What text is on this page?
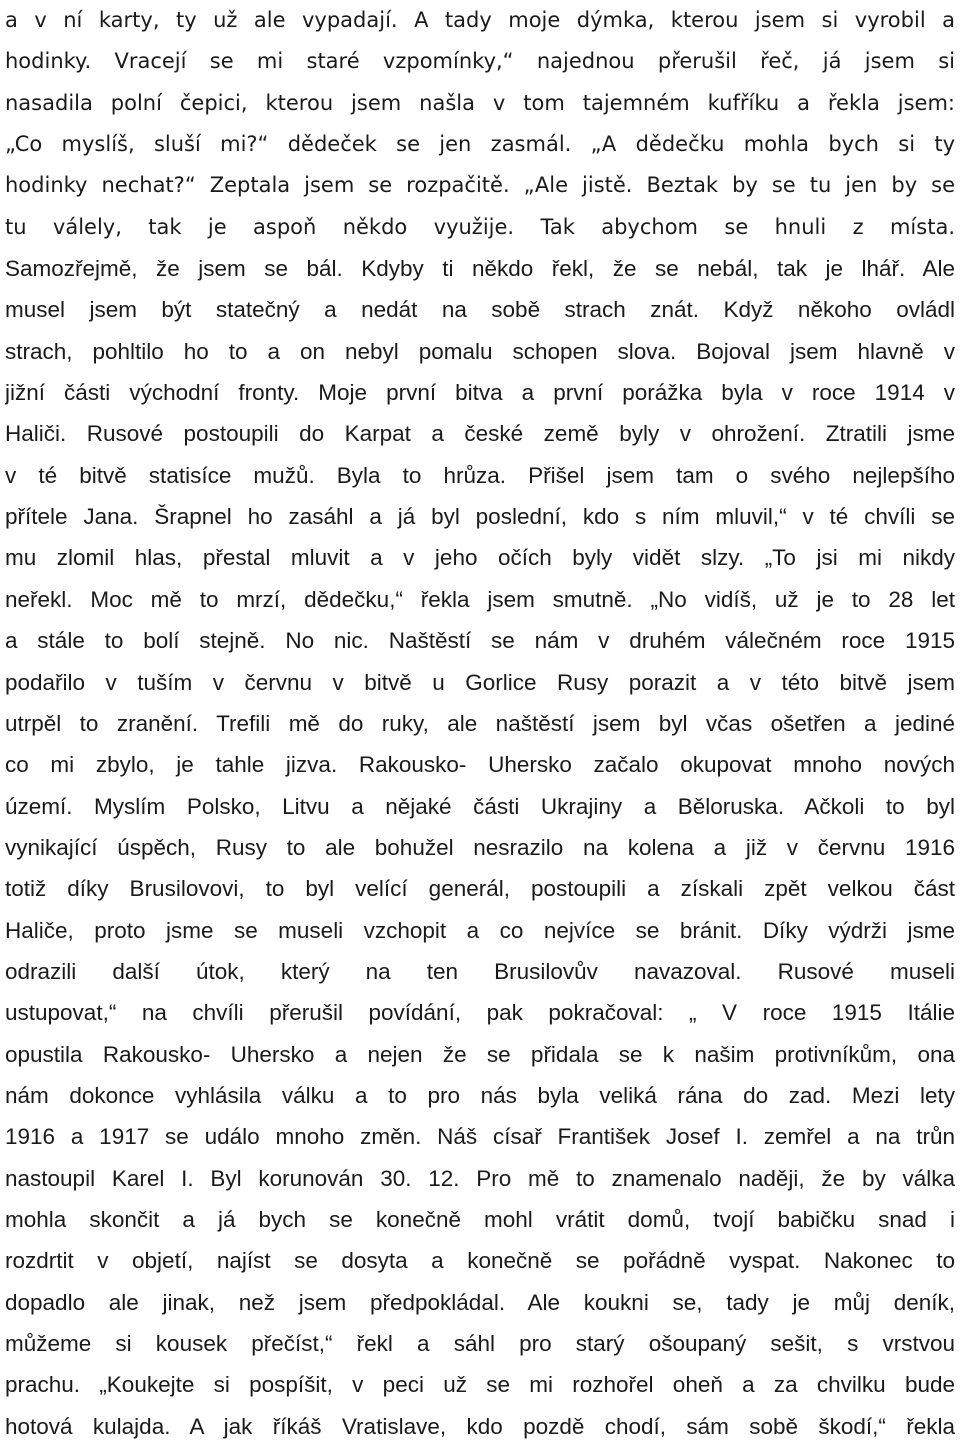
a v ní karty, ty už ale vypadají. A tady moje dýmka, kterou jsem si vyrobil a
hodinky. Vracejí se mi staré vzpomínky,“ najednou přerušil řeč, já jsem si
nasadila polní čepici, kterou jsem našla v tom tajemném kufříku a řekla jsem:
„Co myslíš, sluší mi?“ dědeček se jen zasmál. „A dědečku mohla bych si ty
hodinky nechat?“ Zeptala jsem se rozpačitě. „Ale jistě. Beztak by se tu jen by se
tu válely, tak je aspoň někdo využije. Tak abychom se hnuli z místa.
Samozřejmě, že jsem se bál. Kdyby ti někdo řekl, že se nebál, tak je lhář. Ale
musel jsem být statečný a nedát na sobě strach znát. Když někoho ovládl
strach, pohltilo ho to a on nebyl pomalu schopen slova. Bojoval jsem hlavně v
jižní části východní fronty. Moje první bitva a první porážka byla v roce 1914 v
Haliči. Rusové postoupili do Karpat a české země byly v ohrožení. Ztratili jsme
v té bitvě statisíce mužů. Byla to hrůza. Přišel jsem tam o svého nejlepšího
přítele Jana. Šrapnel ho zasáhl a já byl poslední, kdo s ním mluvil,“ v té chvíli se
mu zlomil hlas, přestal mluvit a v jeho očích byly vidět slzy. „To jsi mi nikdy
neřekl. Moc mě to mrzí, dědečku,“ řekla jsem smutně. „No vidíš, už je to 28 let
a stále to bolí stejně. No nic. Naštěstí se nám v druhém válečném roce 1915
podařilo v tuším v červnu v bitvě u Gorlice Rusy porazit a v této bitvě jsem
utrpěl to zranění. Trefili mě do ruky, ale naštěstí jsem byl včas ošetřen a jediné
co mi zbylo, je tahle jizva. Rakousko- Uhersko začalo okupovat mnoho nových
území. Myslím Polsko, Litvu a nějaké části Ukrajiny a Běloruska. Ačkoli to byl
vynikající úspěch, Rusy to ale bohužel nesrazilo na kolena a již v červnu 1916
totiž díky Brusilovovi, to byl velící generál, postoupili a získali zpět velkou část
Haliče, proto jsme se museli vzchopit a co nejvíce se bránit. Díky výdrži jsme
odrazili další útok, který na ten Brusilovův navazoval. Rusové museli
ustupovat,“ na chvíli přerušil povídání, pak pokračoval: „ V roce 1915 Itálie
opustila Rakousko- Uhersko a nejen že se přidala se k našim protivníkům, ona
nám dokonce vyhlásila válku a to pro nás byla veliká rána do zad. Mezi lety
1916 a 1917 se událo mnoho změn. Náš císař František Josef I. zemřel a na trůn
nastoupil Karel I. Byl korunován 30. 12. Pro mě to znamenalo naději, že by válka
mohla skončit a já bych se konečně mohl vrátit domů, tvojí babičku snad i
rozdrtit v objetí, najíst se dosyta a konečně se pořádně vyspat. Nakonec to
dopadlo ale jinak, než jsem předpokládal. Ale koukni se, tady je můj deník,
můžeme si kousek přečíst,“ řekl a sáhl pro starý ošoupaný sešit, s vrstvou
prachu. „Koukejte si pospíšit, v peci už se mi rozhořel oheň a za chvilku bude
hotová kulajda. A jak říkáš Vratislave, kdo pozdě chodí, sám sobě škodí,“ řekla
